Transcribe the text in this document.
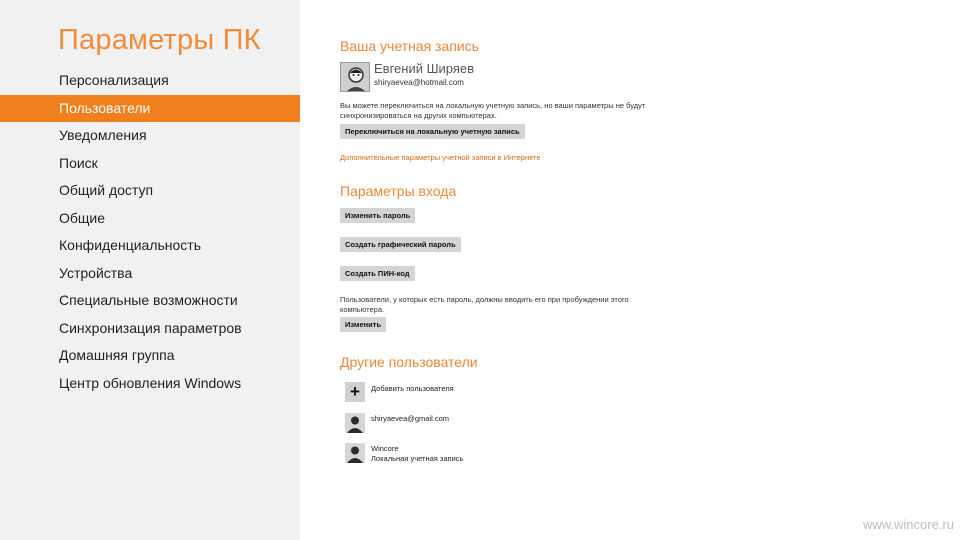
Параметры ПК
Персонализация
Пользователи
Уведомления
Поиск
Общий доступ
Общие
Конфиденциальность
Устройства
Специальные возможности
Синхронизация параметров
Домашняя группа
Центр обновления Windows
Ваша учетная запись
Евгений Ширяев
shiryaevea@hotmail.com
Вы можете переключиться на локальную учетную запись, но ваши параметры не будут синхронизироваться на других компьютерах.
Переключиться на локальную учетную запись
Дополнительные параметры учетной записи в Интернете
Параметры входа
Изменить пароль
Создать графический пароль
Создать ПИН-код
Пользователи, у которых есть пароль, должны вводить его при пробуждении этого компьютера.
Изменить
Другие пользователи
+	Добавить пользователя
shiryaevea@gmail.com
Wincore
Локальная учетная запись
www.wincore.ru
